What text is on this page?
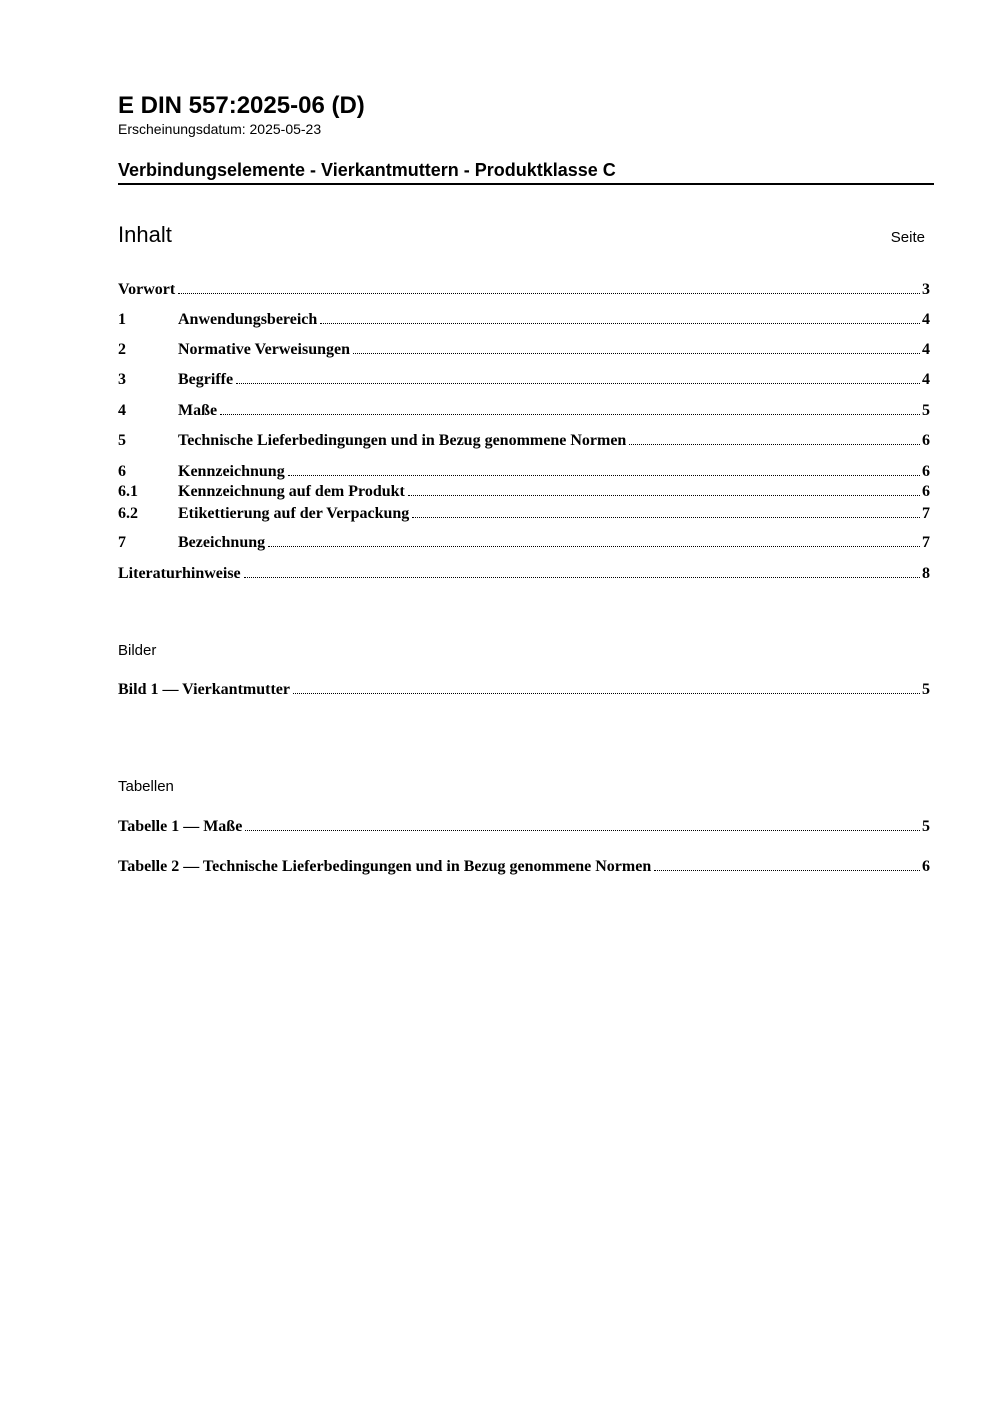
E DIN 557:2025-06 (D)
Erscheinungsdatum: 2025-05-23
Verbindungselemente - Vierkantmuttern - Produktklasse C
Inhalt	Seite
Vorwort	3
1	Anwendungsbereich	4
2	Normative Verweisungen	4
3	Begriffe	4
4	Maße	5
5	Technische Lieferbedingungen und in Bezug genommene Normen	6
6	Kennzeichnung	6
6.1	Kennzeichnung auf dem Produkt	6
6.2	Etikettierung auf der Verpackung	7
7	Bezeichnung	7
Literaturhinweise	8
Bilder
Bild 1 — Vierkantmutter	5
Tabellen
Tabelle 1 — Maße	5
Tabelle 2 — Technische Lieferbedingungen und in Bezug genommene Normen	6
